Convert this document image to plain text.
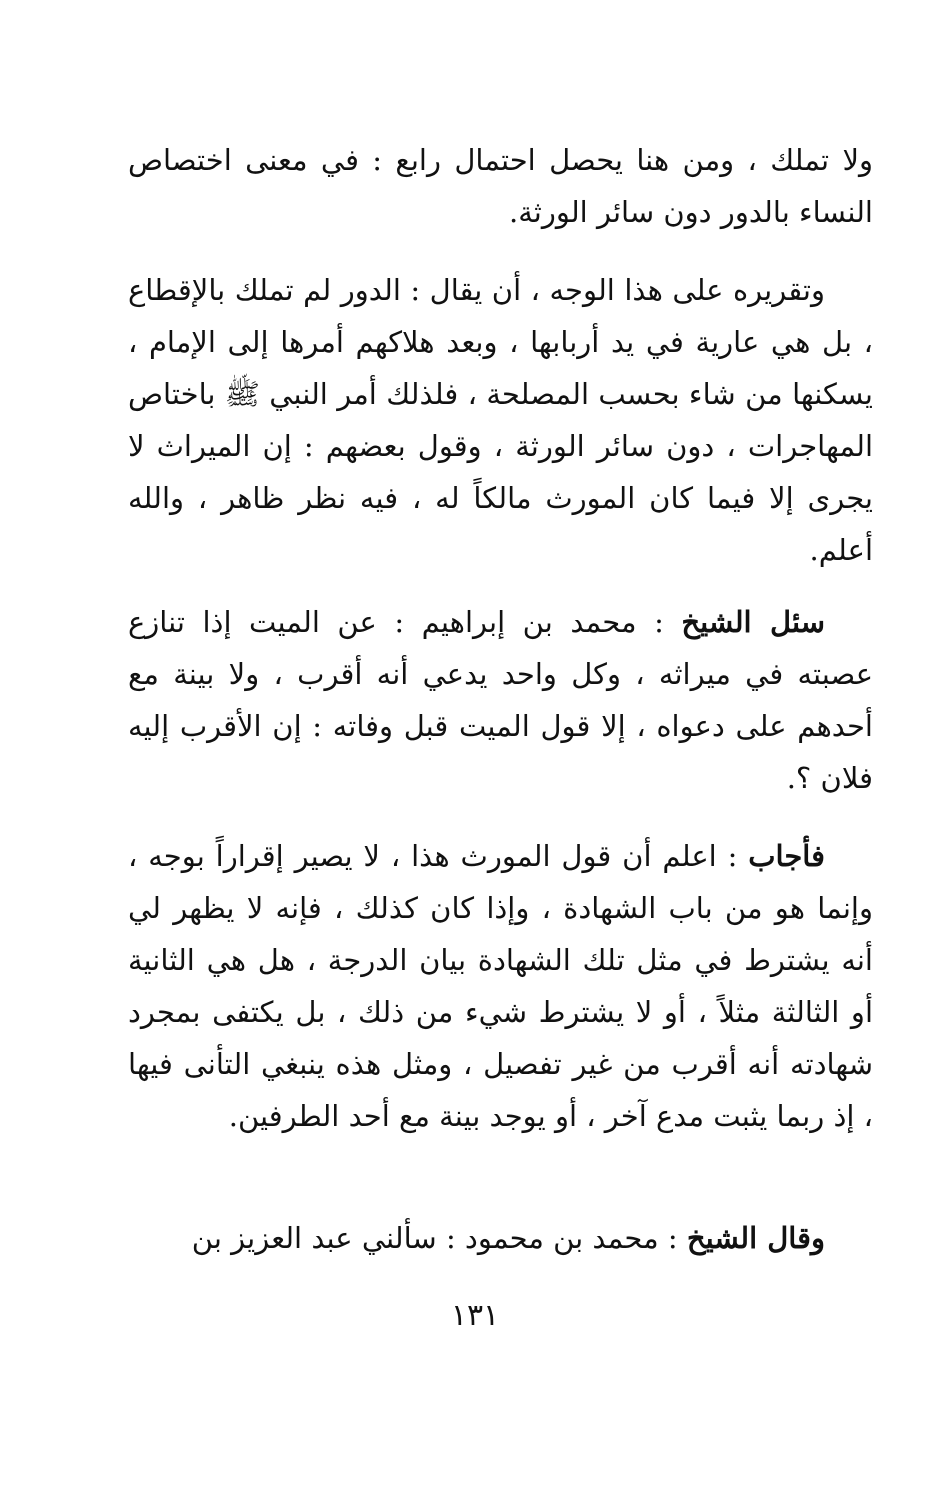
ولا تملك ، ومن هنا يحصل احتمال رابع : في معنى اختصاص النساء بالدور دون سائر الورثة.

وتقريره على هذا الوجه ، أن يقال : الدور لم تملك بالإقطاع ، بل هي عارية في يد أربابها ، وبعد هلاكهم أمرها إلى الإمام ، يسكنها من شاء بحسب المصلحة ، فلذلك أمر النبي ﷺ باختاص المهاجرات ، دون سائر الورثة ، وقول بعضهم : إن الميراث لا يجرى إلا فيما كان المورث مالكاً له ، فيه نظر ظاهر ، والله أعلم.

سئل الشيخ : محمد بن إبراهيم : عن الميت إذا تنازع عصبته في ميراثه ، وكل واحد يدعي أنه أقرب ، ولا بينة مع أحدهم على دعواه ، إلا قول الميت قبل وفاته : إن الأقرب إليه فلان ؟.

فأجاب : اعلم أن قول المورث هذا ، لا يصير إقراراً بوجه ، وإنما هو من باب الشهادة ، وإذا كان كذلك ، فإنه لا يظهر لي أنه يشترط في مثل تلك الشهادة بيان الدرجة ، هل هي الثانية أو الثالثة مثلاً ، أو لا يشترط شيء من ذلك ، بل يكتفى بمجرد شهادته أنه أقرب من غير تفصيل ، ومثل هذه ينبغي التأنى فيها ، إذ ربما يثبت مدع آخر ، أو يوجد بينة مع أحد الطرفين.

وقال الشيخ : محمد بن محمود : سألني عبد العزيز بن

١٣١
